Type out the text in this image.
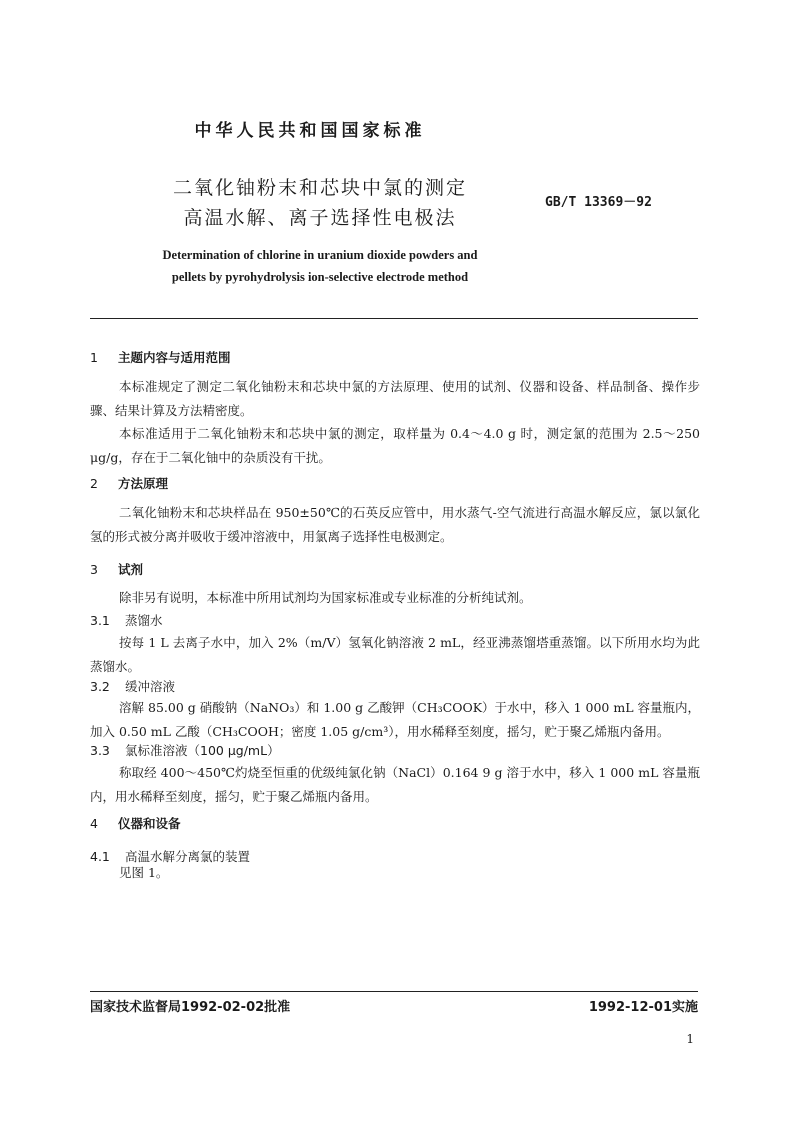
中华人民共和国国家标准
二氧化铀粉末和芯块中氯的测定
高温水解、离子选择性电极法
GB/T 13369－92
Determination of chlorine in uranium dioxide powders and
pellets by pyrohydrolysis ion-selective electrode method
1 主题内容与适用范围
本标准规定了测定二氧化铀粉末和芯块中氯的方法原理、使用的试剂、仪器和设备、样品制备、操作步骤、结果计算及方法精密度。
本标准适用于二氧化铀粉末和芯块中氯的测定，取样量为 0.4～4.0 g 时，测定氯的范围为 2.5～250 μg/g，存在于二氧化铀中的杂质没有干扰。
2 方法原理
二氧化铀粉末和芯块样品在 950±50℃的石英反应管中，用水蒸气-空气流进行高温水解反应，氯以氯化氢的形式被分离并吸收于缓冲溶液中，用氯离子选择性电极测定。
3 试剂
除非另有说明，本标准中所用试剂均为国家标准或专业标准的分析纯试剂。
3.1 蒸馏水
按每 1 L 去离子水中，加入 2%（m/V）氢氧化钠溶液 2 mL，经亚沸蒸馏塔重蒸馏。以下所用水均为此蒸馏水。
3.2 缓冲溶液
溶解 85.00 g 硝酸钠（NaNO₃）和 1.00 g 乙酸钾（CH₃COOK）于水中，移入 1 000 mL 容量瓶内，加入 0.50 mL 乙酸（CH₃COOH；密度 1.05 g/cm³），用水稀释至刻度，摇匀，贮于聚乙烯瓶内备用。
3.3 氯标准溶液（100 μg/mL）
称取经 400～450℃灼烧至恒重的优级纯氯化钠（NaCl）0.164 9 g 溶于水中，移入 1 000 mL 容量瓶内，用水稀释至刻度，摇匀，贮于聚乙烯瓶内备用。
4 仪器和设备
4.1 高温水解分离氯的装置
见图 1。
国家技术监督局1992-02-02批准	1992-12-01实施
1
